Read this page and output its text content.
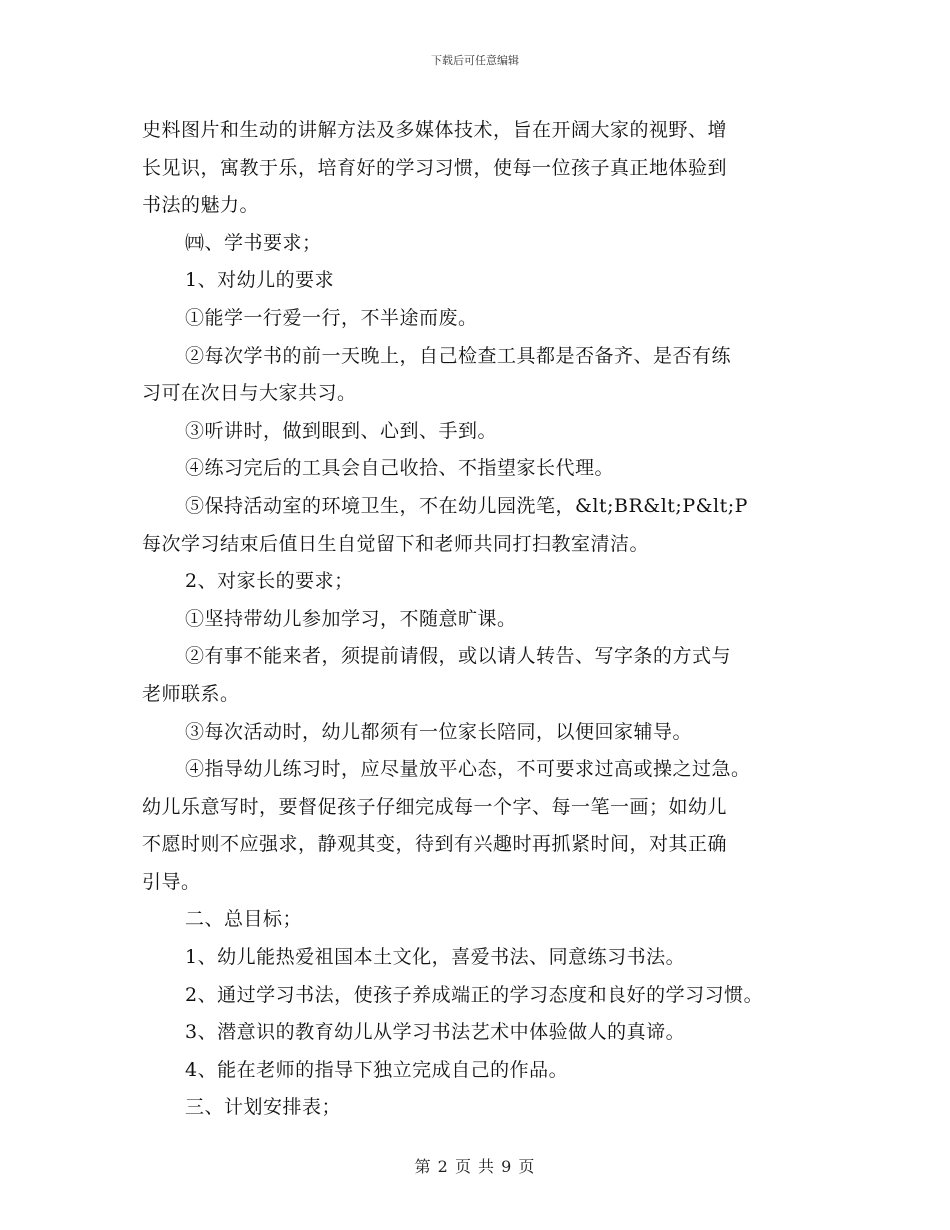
下载后可任意编辑
史料图片和生动的讲解方法及多媒体技术，旨在开阔大家的视野、增
长见识，寓教于乐，培育好的学习习惯，使每一位孩子真正地体验到
书法的魅力。
㈣、学书要求；
1、对幼儿的要求
①能学一行爱一行，不半途而废。
②每次学书的前一天晚上，自己检查工具都是否备齐、是否有练
习可在次日与大家共习。
③听讲时，做到眼到、心到、手到。
④练习完后的工具会自己收拾、不指望家长代理。
⑤保持活动室的环境卫生，不在幼儿园洗笔，&lt;BR&lt;P&lt;P
每次学习结束后值日生自觉留下和老师共同打扫教室清洁。
2、对家长的要求；
①坚持带幼儿参加学习，不随意旷课。
②有事不能来者，须提前请假，或以请人转告、写字条的方式与
老师联系。
③每次活动时，幼儿都须有一位家长陪同，以便回家辅导。
④指导幼儿练习时，应尽量放平心态，不可要求过高或操之过急。
幼儿乐意写时，要督促孩子仔细完成每一个字、每一笔一画；如幼儿
不愿时则不应强求，静观其变，待到有兴趣时再抓紧时间，对其正确
引导。
二、总目标；
1、幼儿能热爱祖国本土文化，喜爱书法、同意练习书法。
2、通过学习书法，使孩子养成端正的学习态度和良好的学习习惯。
3、潜意识的教育幼儿从学习书法艺术中体验做人的真谛。
4、能在老师的指导下独立完成自己的作品。
三、计划安排表；
第 2 页 共 9 页
